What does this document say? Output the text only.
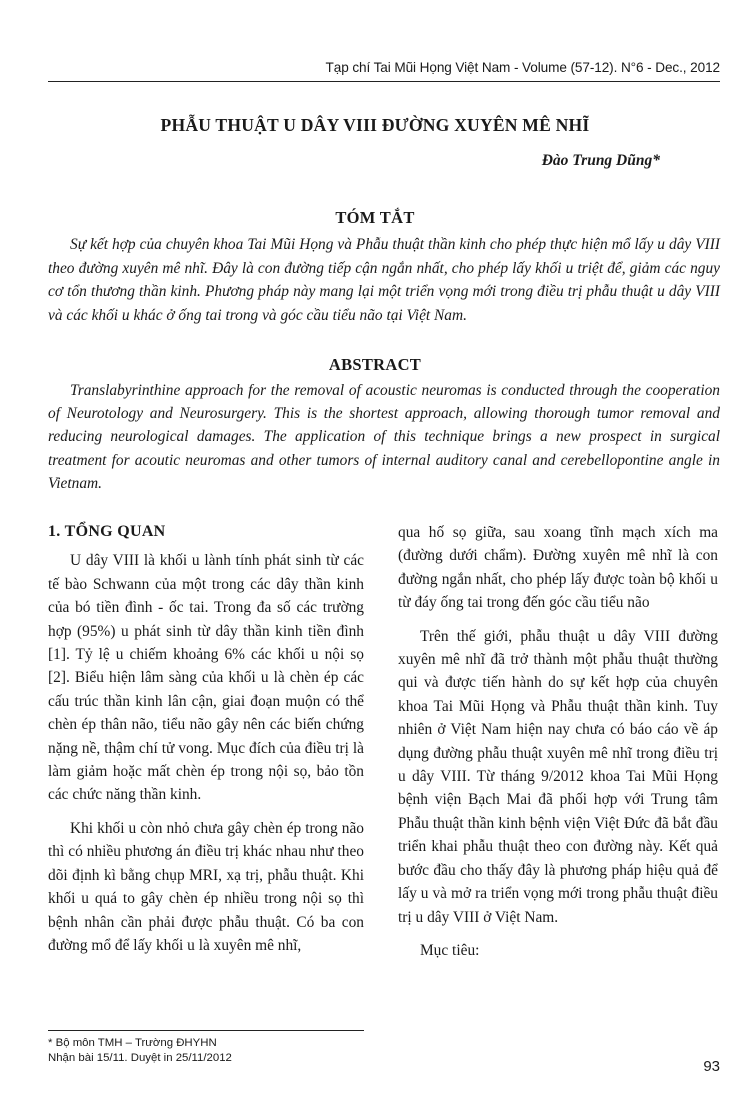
Tạp chí Tai Mũi Họng Việt Nam - Volume (57-12). N°6 - Dec., 2012
PHẪU THUẬT U DÂY VIII ĐƯỜNG XUYÊN MÊ NHĨ
Đào Trung Dũng*
TÓM TẮT

Sự kết hợp của chuyên khoa Tai Mũi Họng và Phẫu thuật thần kinh cho phép thực hiện mổ lấy u dây VIII theo đường xuyên mê nhĩ. Đây là con đường tiếp cận ngắn nhất, cho phép lấy khối u triệt để, giảm các nguy cơ tổn thương thần kinh. Phương pháp này mang lại một triển vọng mới trong điều trị phẫu thuật u dây VIII và các khối u khác ở ống tai trong và góc cầu tiểu não tại Việt Nam.

ABSTRACT

Translabyrinthine approach for the removal of acoustic neuromas is conducted through the cooperation of Neurotology and Neurosurgery. This is the shortest approach, allowing thorough tumor removal and reducing neurological damages. The application of this technique brings a new prospect in surgical treatment for acoutic neuromas and other tumors of internal auditory canal and cerebellopontine angle in Vietnam.

1. TỔNG QUAN

U dây VIII là khối u lành tính phát sinh từ các tế bào Schwann của một trong các dây thần kinh của bó tiền đình - ốc tai. Trong đa số các trường hợp (95%) u phát sinh từ dây thần kinh tiền đình [1]. Tỷ lệ u chiếm khoảng 6% các khối u nội sọ [2]. Biểu hiện lâm sàng của khối u là chèn ép các cấu trúc thần kinh lân cận, giai đoạn muộn có thể chèn ép thân não, tiểu não gây nên các biến chứng nặng nề, thậm chí tử vong. Mục đích của điều trị là làm giảm hoặc mất chèn ép trong nội sọ, bảo tồn các chức năng thần kinh.

Khi khối u còn nhỏ chưa gây chèn ép trong não thì có nhiều phương án điều trị khác nhau như theo dõi định kì bằng chụp MRI, xạ trị, phẫu thuật. Khi khối u quá to gây chèn ép nhiều trong nội sọ thì bệnh nhân cần phải được phẫu thuật. Có ba con đường mổ để lấy khối u là xuyên mê nhĩ,

qua hố sọ giữa, sau xoang tĩnh mạch xích ma (đường dưới chẩm). Đường xuyên mê nhĩ là con đường ngắn nhất, cho phép lấy được toàn bộ khối u từ đáy ống tai trong đến góc cầu tiểu não

Trên thế giới, phẫu thuật u dây VIII đường xuyên mê nhĩ đã trở thành một phẫu thuật thường qui và được tiến hành do sự kết hợp của chuyên khoa Tai Mũi Họng và Phẫu thuật thần kinh. Tuy nhiên ở Việt Nam hiện nay chưa có báo cáo về áp dụng đường phẫu thuật xuyên mê nhĩ trong điều trị u dây VIII. Từ tháng 9/2012 khoa Tai Mũi Họng bệnh viện Bạch Mai đã phối hợp với Trung tâm Phẫu thuật thần kinh bệnh viện Việt Đức đã bắt đầu triển khai phẫu thuật theo con đường này. Kết quả bước đầu cho thấy đây là phương pháp hiệu quả để lấy u và mở ra triển vọng mới trong phẫu thuật điều trị u dây VIII ở Việt Nam.

Mục tiêu:

* Bộ môn TMH – Trường ĐHYHN
Nhận bài 15/11. Duyệt in 25/11/2012	93
